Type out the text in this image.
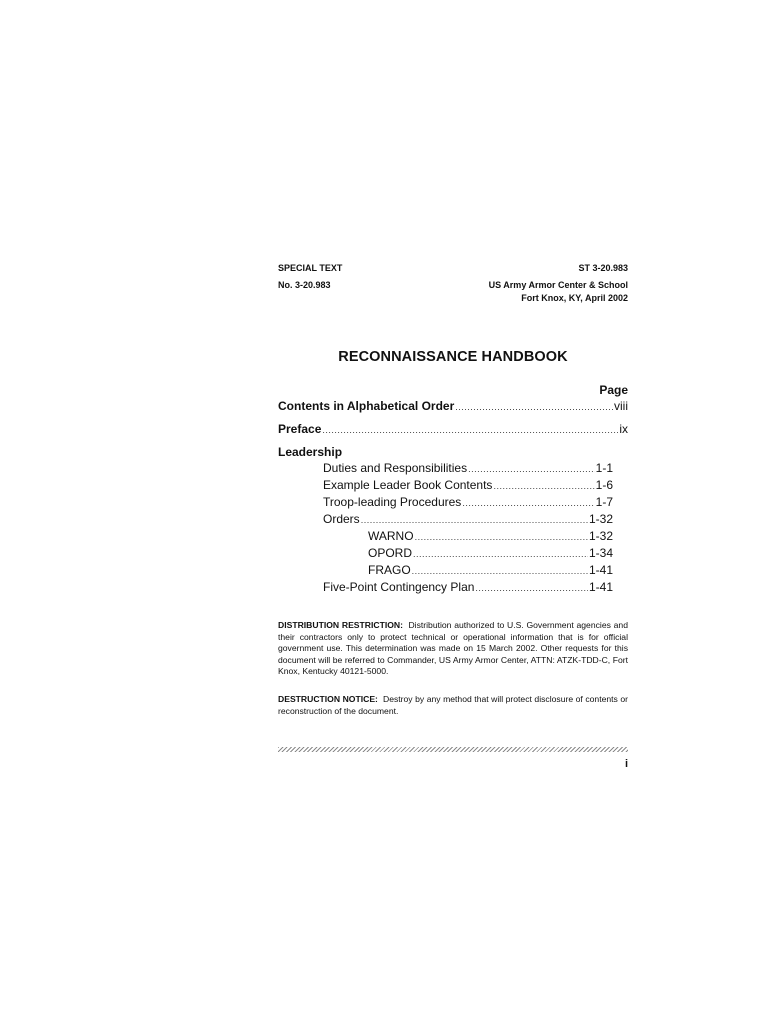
SPECIAL TEXT	ST 3-20.983
No. 3-20.983	US Army Armor Center & School
Fort Knox, KY, April 2002
RECONNAISSANCE HANDBOOK
Page
Contents in Alphabetical Order .....	viii
Preface .....	ix
Leadership
Duties and Responsibilities .....	1-1
Example Leader Book Contents .....	1-6
Troop-leading Procedures .....	1-7
Orders .....	1-32
WARNO .....	1-32
OPORD .....	1-34
FRAGO .....	1-41
Five-Point Contingency Plan .....	1-41
DISTRIBUTION RESTRICTION: Distribution authorized to U.S. Government agencies and their contractors only to protect technical or operational information that is for official government use. This determination was made on 15 March 2002. Other requests for this document will be referred to Commander, US Army Armor Center, ATTN: ATZK-TDD-C, Fort Knox, Kentucky 40121-5000.
DESTRUCTION NOTICE: Destroy by any method that will protect disclosure of contents or reconstruction of the document.
i
